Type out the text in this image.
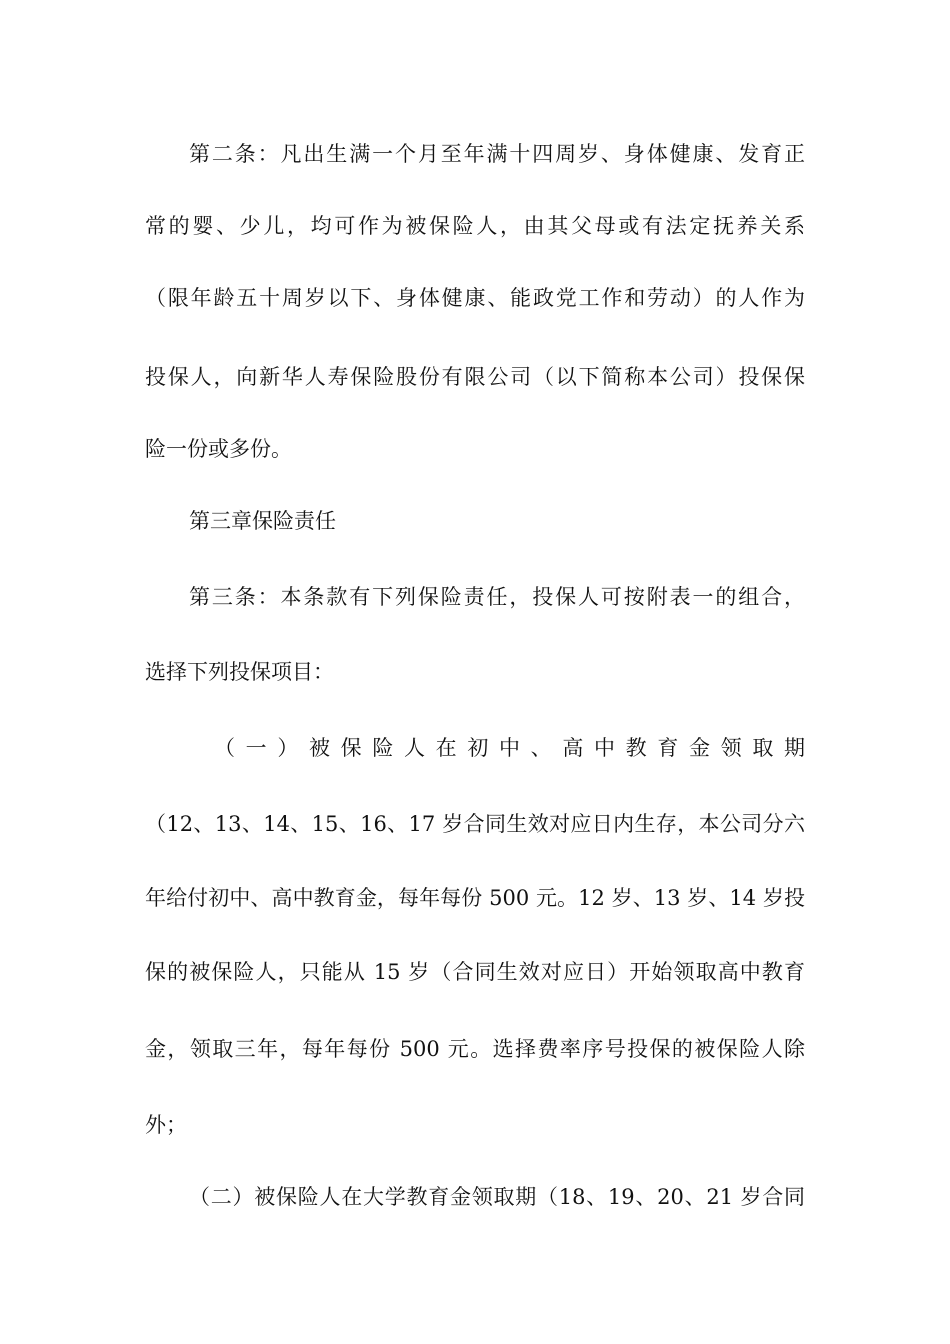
第二条：凡出生满一个月至年满十四周岁、身体健康、发育正
常的婴、少儿，均可作为被保险人，由其父母或有法定抚养关系
（限年龄五十周岁以下、身体健康、能政党工作和劳动）的人作为
投保人，向新华人寿保险股份有限公司（以下简称本公司）投保保
险一份或多份。
第三章保险责任
第三条：本条款有下列保险责任，投保人可按附表一的组合，
选择下列投保项目：
（一）被保险人在初中、高中教育金领取期
（12、13、14、15、16、17 岁合同生效对应日内生存，本公司分六
年给付初中、高中教育金，每年每份 500 元。12 岁、13 岁、14 岁投
保的被保险人，只能从 15 岁（合同生效对应日）开始领取高中教育
金，领取三年，每年每份 500 元。选择费率序号投保的被保险人除
外；
（二）被保险人在大学教育金领取期（18、19、20、21 岁合同
